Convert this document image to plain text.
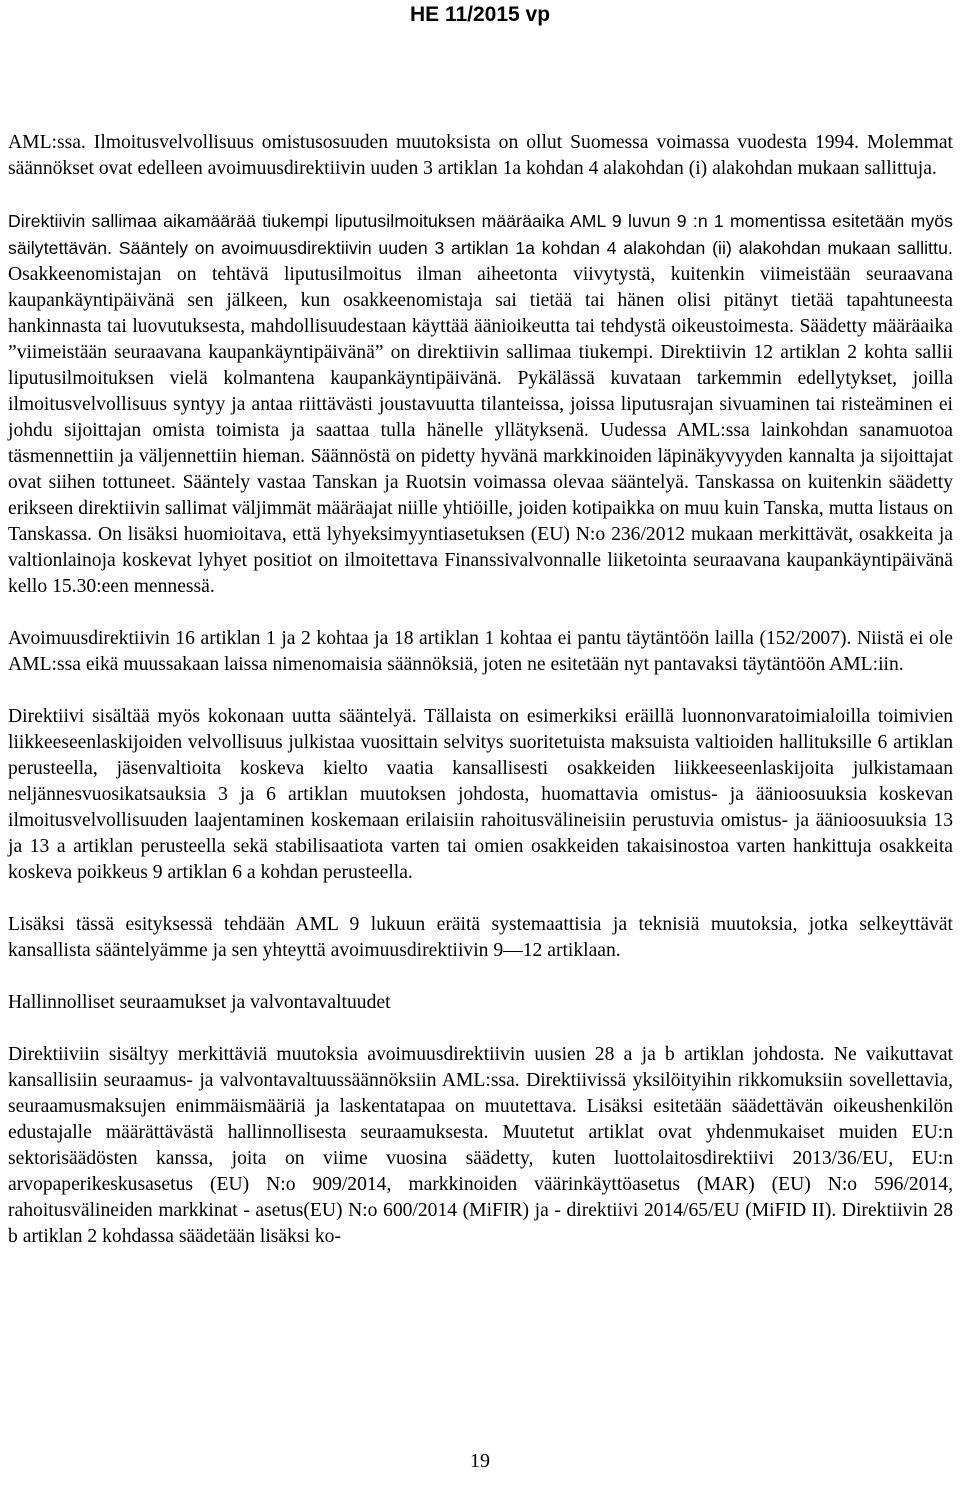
HE 11/2015 vp

AML:ssa. Ilmoitusvelvollisuus omistusosuuden muutoksista on ollut Suomessa voimassa vuodesta 1994. Molemmat säännökset ovat edelleen avoimuusdirektiivin uuden 3 artiklan 1a kohdan 4 alakohdan (i) alakohdan mukaan sallittuja.

Direktiivin sallimaa aikamäärää tiukempi liputusilmoituksen määräaika AML 9 luvun 9 :n 1 momentissa esitetään myös säilytettävän. Sääntely on avoimuusdirektiivin uuden 3 artiklan 1a kohdan 4 alakohdan (ii) alakohdan mukaan sallittu. Osakkeenomistajan on tehtävä liputusilmoitus ilman aiheetonta viivytystä, kuitenkin viimeistään seuraavana kaupankäyntipäivänä sen jälkeen, kun osakkeenomistaja sai tietää tai hänen olisi pitänyt tietää tapahtuneesta hankinnasta tai luovutuksesta, mahdollisuudestaan käyttää äänioikeutta tai tehdystä oikeustoimesta. Säädetty määräaika ”viimeistään seuraavana kaupankäyntipäivänä” on direktiivin sallimaa tiukempi. Direktiivin 12 artiklan 2 kohta sallii liputusilmoituksen vielä kolmantena kaupankäyntipäivänä. Pykälässä kuvataan tarkemmin edellytykset, joilla ilmoitusvelvollisuus syntyy ja antaa riittävästi joustavuutta tilanteissa, joissa liputusrajan sivuaminen tai risteäminen ei johdu sijoittajan omista toimista ja saattaa tulla hänelle yllätyksenä. Uudessa AML:ssa lainkohdan sanamuotoa täsmennettiin ja väljennettiin hieman. Säännöstä on pidetty hyvänä markkinoiden läpinäkyvyyden kannalta ja sijoittajat ovat siihen tottuneet. Sääntely vastaa Tanskan ja Ruotsin voimassa olevaa sääntelyä. Tanskassa on kuitenkin säädetty erikseen direktiivin sallimat väljimmät määräajat niille yhtiöille, joiden kotipaikka on muu kuin Tanska, mutta listaus on Tanskassa. On lisäksi huomioitava, että lyhyeksimyyntiasetuksen (EU) N:o 236/2012 mukaan merkittävät, osakkeita ja valtionlainoja koskevat lyhyet positiot on ilmoitettava Finanssivalvonnalle liiketointa seuraavana kaupankäyntipäivänä kello 15.30:een mennessä.

Avoimuusdirektiivin 16 artiklan 1 ja 2 kohtaa ja 18 artiklan 1 kohtaa ei pantu täytäntöön lailla (152/2007). Niistä ei ole AML:ssa eikä muussakaan laissa nimenomaisia säännöksiä, joten ne esitetään nyt pantavaksi täytäntöön AML:iin.

Direktiivi sisältää myös kokonaan uutta sääntelyä. Tällaista on esimerkiksi eräillä luonnonvaratoimialoilla toimivien liikkeeseenlaskijoiden velvollisuus julkistaa vuosittain selvitys suoritetuista maksuista valtioiden hallituksille 6 artiklan perusteella, jäsenvaltioita koskeva kielto vaatia kansallisesti osakkeiden liikkeeseenlaskijoita julkistamaan neljännesvuosikatsauksia 3 ja 6 artiklan muutoksen johdosta, huomattavia omistus- ja äänioosuuksia koskevan ilmoitusvelvollisuuden laajentaminen koskemaan erilaisiin rahoitusvälineisiin perustuvia omistus- ja äänioosuuksia 13 ja 13 a artiklan perusteella sekä stabilisaatiota varten tai omien osakkeiden takaisinostoa varten hankittuja osakkeita koskeva poikkeus 9 artiklan 6 a kohdan perusteella.

Lisäksi tässä esityksessä tehdään AML 9 lukuun eräitä systemaattisia ja teknisiä muutoksia, jotka selkeyttävät kansallista sääntelyämme ja sen yhteyttä avoimuusdirektiivin 9—12 artiklaan.

Hallinnolliset seuraamukset ja valvontavaltuudet

Direktiiviin sisältyy merkittäviä muutoksia avoimuusdirektiivin uusien 28 a ja b artiklan johdosta. Ne vaikuttavat kansallisiin seuraamus- ja valvontavaltuussäännöksiin AML:ssa. Direktiivissä yksilöityihin rikkomuksiin sovellettavia, seuraamusmaksujen enimmäismääriä ja laskentatapaa on muutettava. Lisäksi esitetään säädettävän oikeushenkilön edustajalle määrättävästä hallinnollisesta seuraamuksesta. Muutetut artiklat ovat yhdenmukaiset muiden EU:n sektorisäädösten kanssa, joita on viime vuosina säädetty, kuten luottolaitosdirektiivi 2013/36/EU, EU:n arvopaperikeskusasetus (EU) N:o 909/2014, markkinoiden väärinkäyttöasetus (MAR) (EU) N:o 596/2014, rahoitusvälineiden markkinat - asetus(EU) N:o 600/2014 (MiFIR) ja - direktiivi 2014/65/EU (MiFID II). Direktiivin 28 b artiklan 2 kohdassa säädetään lisäksi ko-

19
